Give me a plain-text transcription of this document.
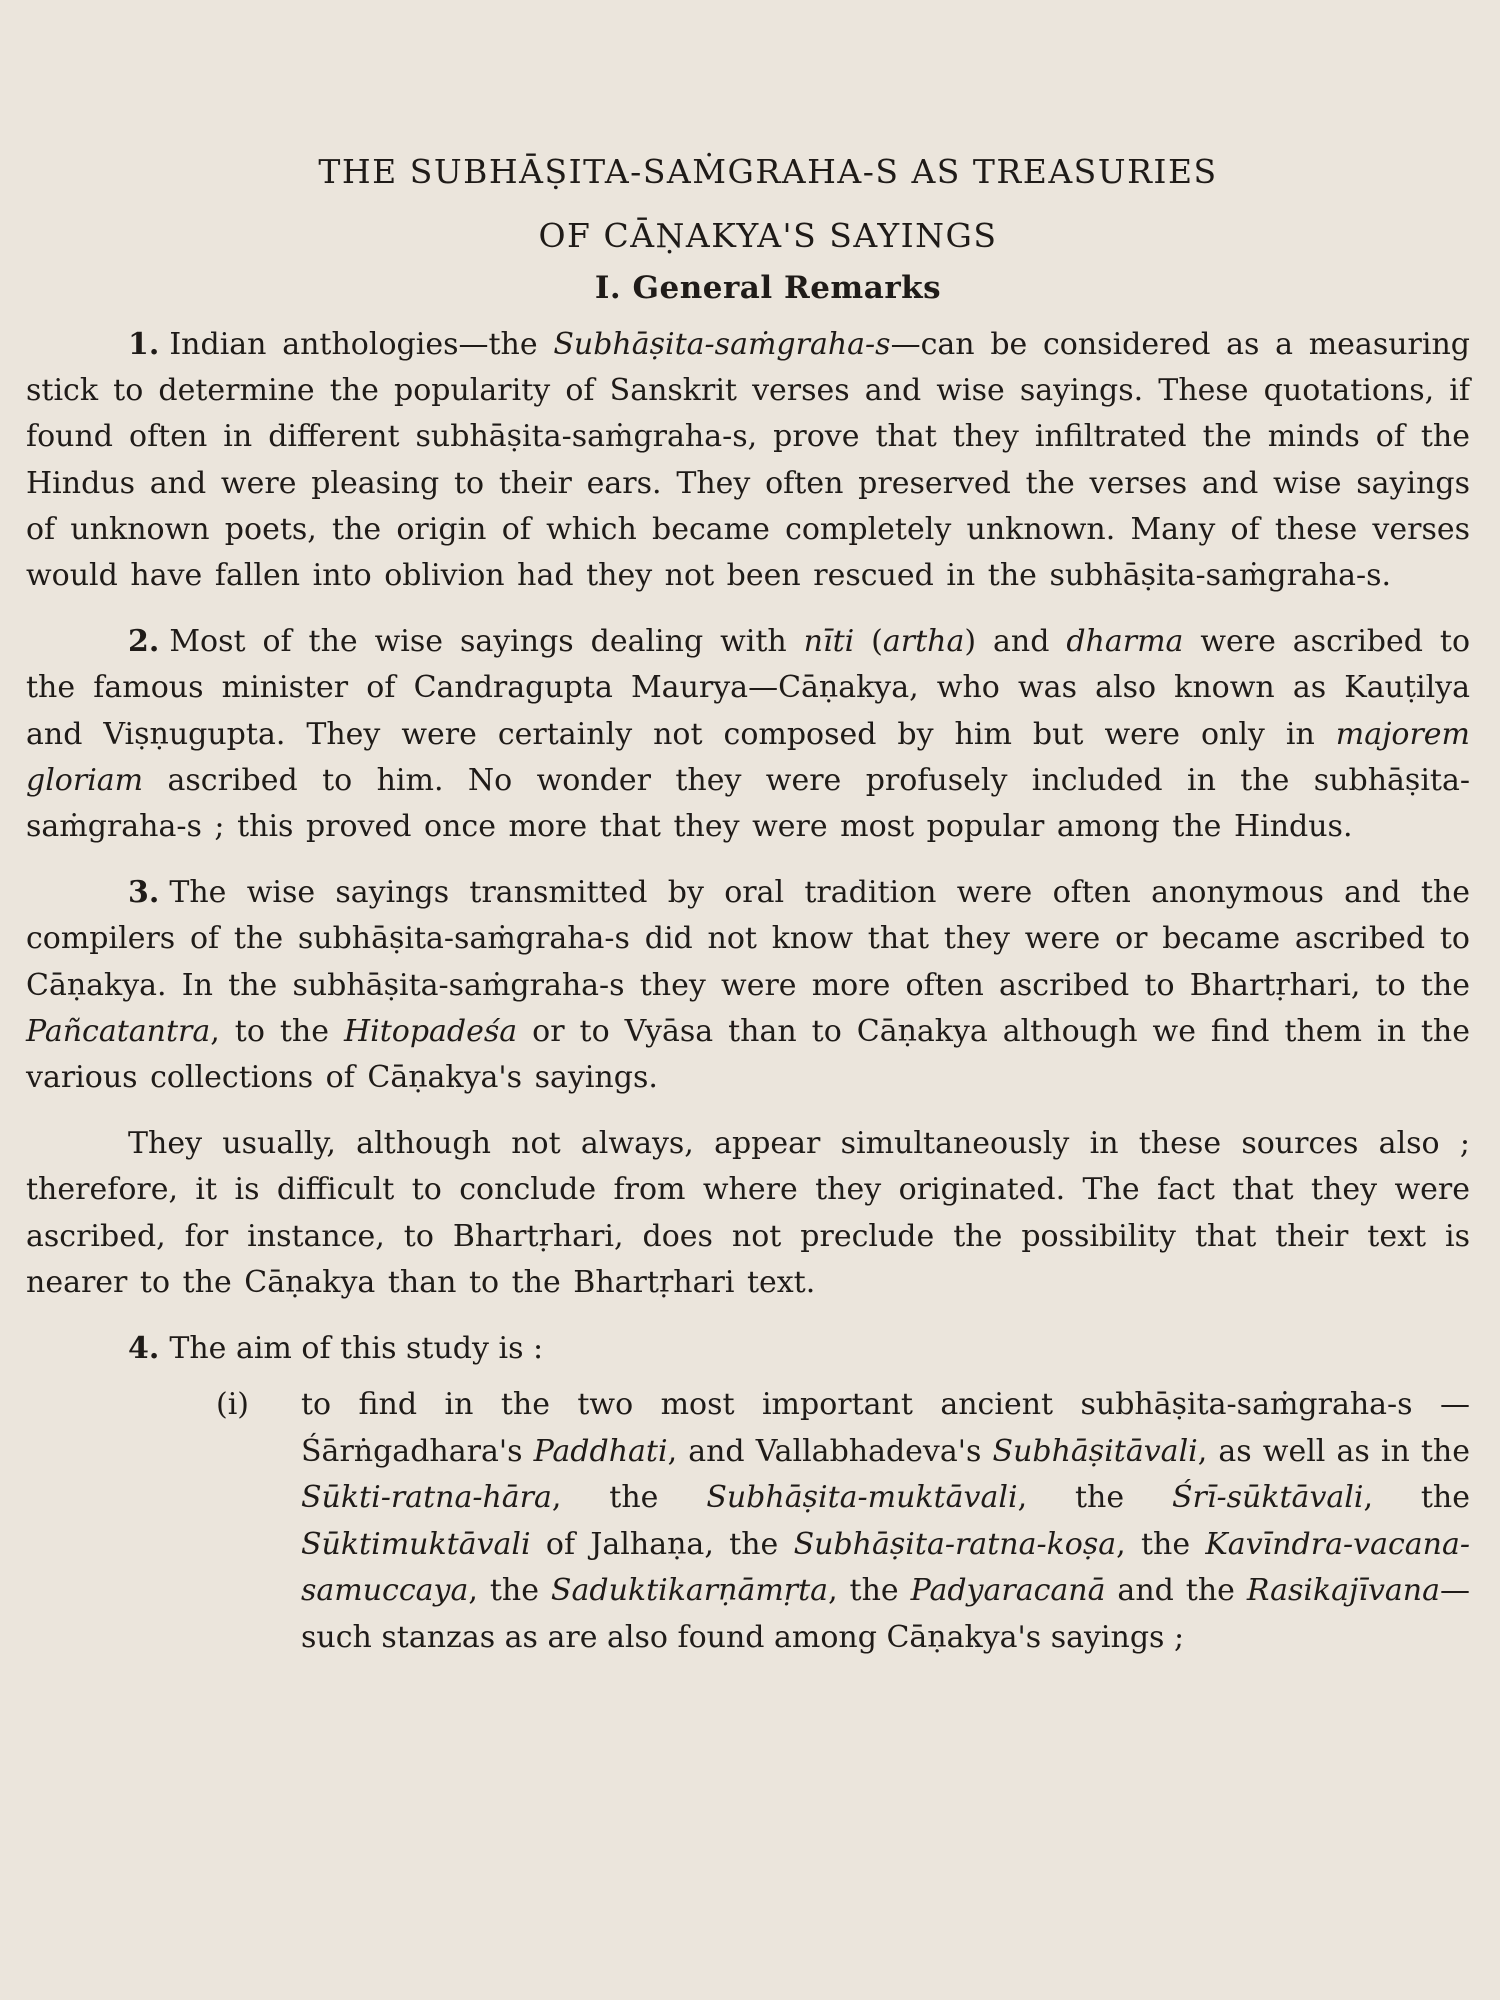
THE SUBHĀṢITA-SAṀGRAHA-S AS TREASURIES
OF CĀṆAKYA'S SAYINGS
I. General Remarks

1. Indian anthologies—the Subhāṣita-saṁgraha-s—can be considered as a measuring stick to determine the popularity of Sanskrit verses and wise sayings. These quotations, if found often in different subhāṣita-saṁgraha-s, prove that they infiltrated the minds of the Hindus and were pleasing to their ears. They often preserved the verses and wise sayings of unknown poets, the origin of which became completely unknown. Many of these verses would have fallen into oblivion had they not been rescued in the subhāṣita-saṁgraha-s.

2. Most of the wise sayings dealing with nīti (artha) and dharma were ascribed to the famous minister of Candragupta Maurya—Cāṇakya, who was also known as Kauṭilya and Viṣṇugupta. They were certainly not composed by him but were only in majorem gloriam ascribed to him. No wonder they were profusely included in the subhāṣita-saṁgraha-s ; this proved once more that they were most popular among the Hindus.

3. The wise sayings transmitted by oral tradition were often anonymous and the compilers of the subhāṣita-saṁgraha-s did not know that they were or became ascribed to Cāṇakya. In the subhāṣita-saṁgraha-s they were more often ascribed to Bhartṛhari, to the Pañcatantra, to the Hitopadeśa or to Vyāsa than to Cāṇakya although we find them in the various collections of Cāṇakya's sayings.

They usually, although not always, appear simultaneously in these sources also ; therefore, it is difficult to conclude from where they originated. The fact that they were ascribed, for instance, to Bhartṛhari, does not preclude the possibility that their text is nearer to the Cāṇakya than to the Bhartṛhari text.

4. The aim of this study is :
(i)	to find in the two most important ancient subhāṣita-saṁgraha-s —Śārṅgadhara's Paddhati, and Vallabhadeva's Subhāṣitāvali, as well as in the Sūkti-ratna-hāra, the Subhāṣita-muktāvali, the Śrī-sūktāvali, the Sūktimuktāvali of Jalhaṇa, the Subhāṣita-ratna-koṣa, the Kavīndra-vacana-samuccaya, the Saduktikarṇāmṛta, the Padyaracanā and the Rasikajīvana—such stanzas as are also found among Cāṇakya's sayings ;
